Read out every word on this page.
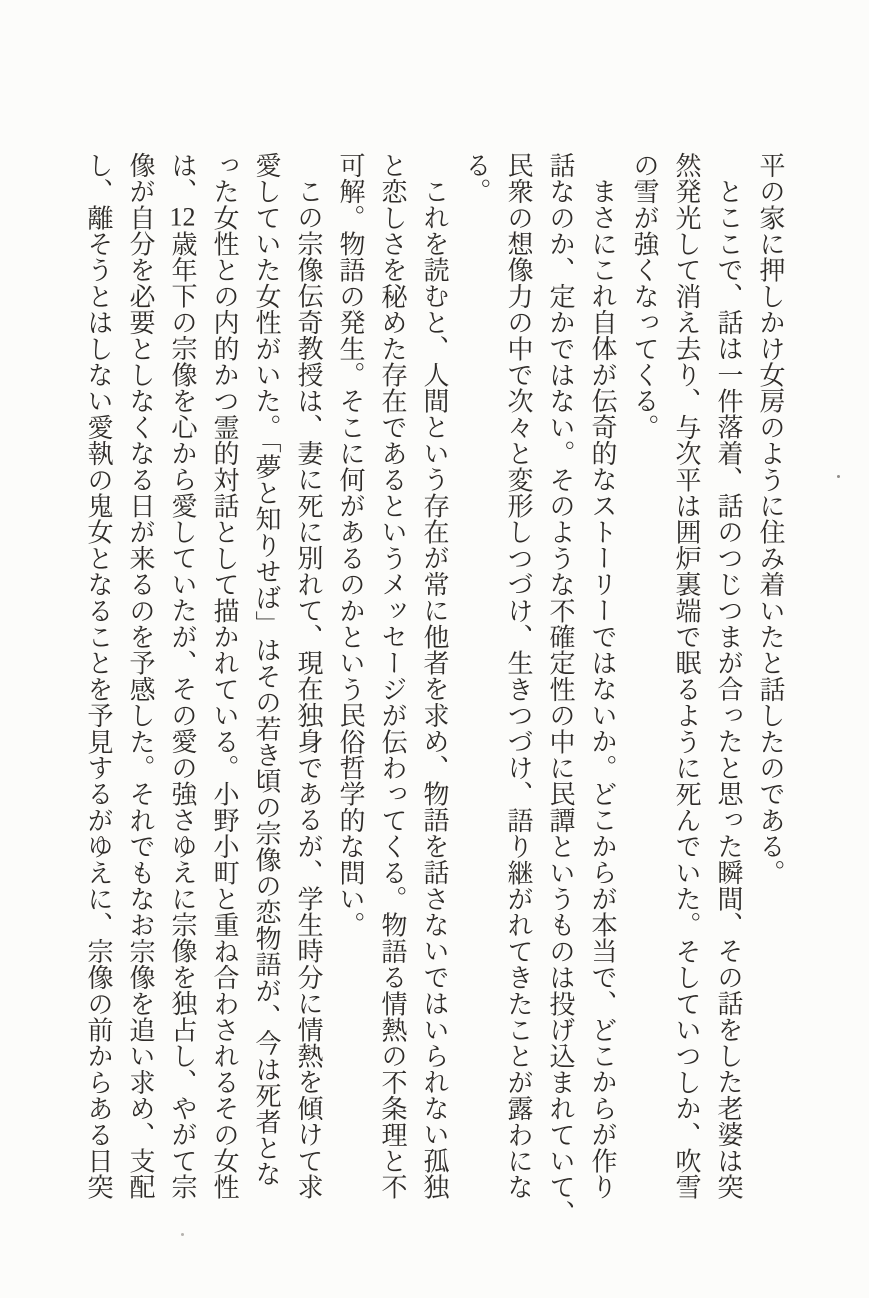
平の家に押しかけ女房のように住み着いたと話したのである。
とここで、話は一件落着、話のつじつまが合ったと思った瞬間、その話をした老婆は突
然発光して消え去り、与次平は囲炉裏端で眠るように死んでいた。そしていつしか、吹雪
の雪が強くなってくる。
まさにこれ自体が伝奇的なストーリーではないか。どこからが本当で、どこからが作り
話なのか、定かではない。そのような不確定性の中に民譚というものは投げ込まれていて、
民衆の想像力の中で次々と変形しつづけ、生きつづけ、語り継がれてきたことが露わにな
る。
これを読むと、人間という存在が常に他者を求め、物語を話さないではいられない孤独
と恋しさを秘めた存在であるというメッセージが伝わってくる。物語る情熱の不条理と不
可解。物語の発生。そこに何があるのかという民俗哲学的な問い。
この宗像伝奇教授は、妻に死に別れて、現在独身であるが、学生時分に情熱を傾けて求
愛していた女性がいた。「夢と知りせば」はその若き頃の宗像の恋物語が、今は死者とな
った女性との内的かつ霊的対話として描かれている。小野小町と重ね合わされるその女性
は、12歳年下の宗像を心から愛していたが、その愛の強さゆえに宗像を独占し、やがて宗
像が自分を必要としなくなる日が来るのを予感した。それでもなお宗像を追い求め、支配
し、離そうとはしない愛執の鬼女となることを予見するがゆえに、宗像の前からある日突
